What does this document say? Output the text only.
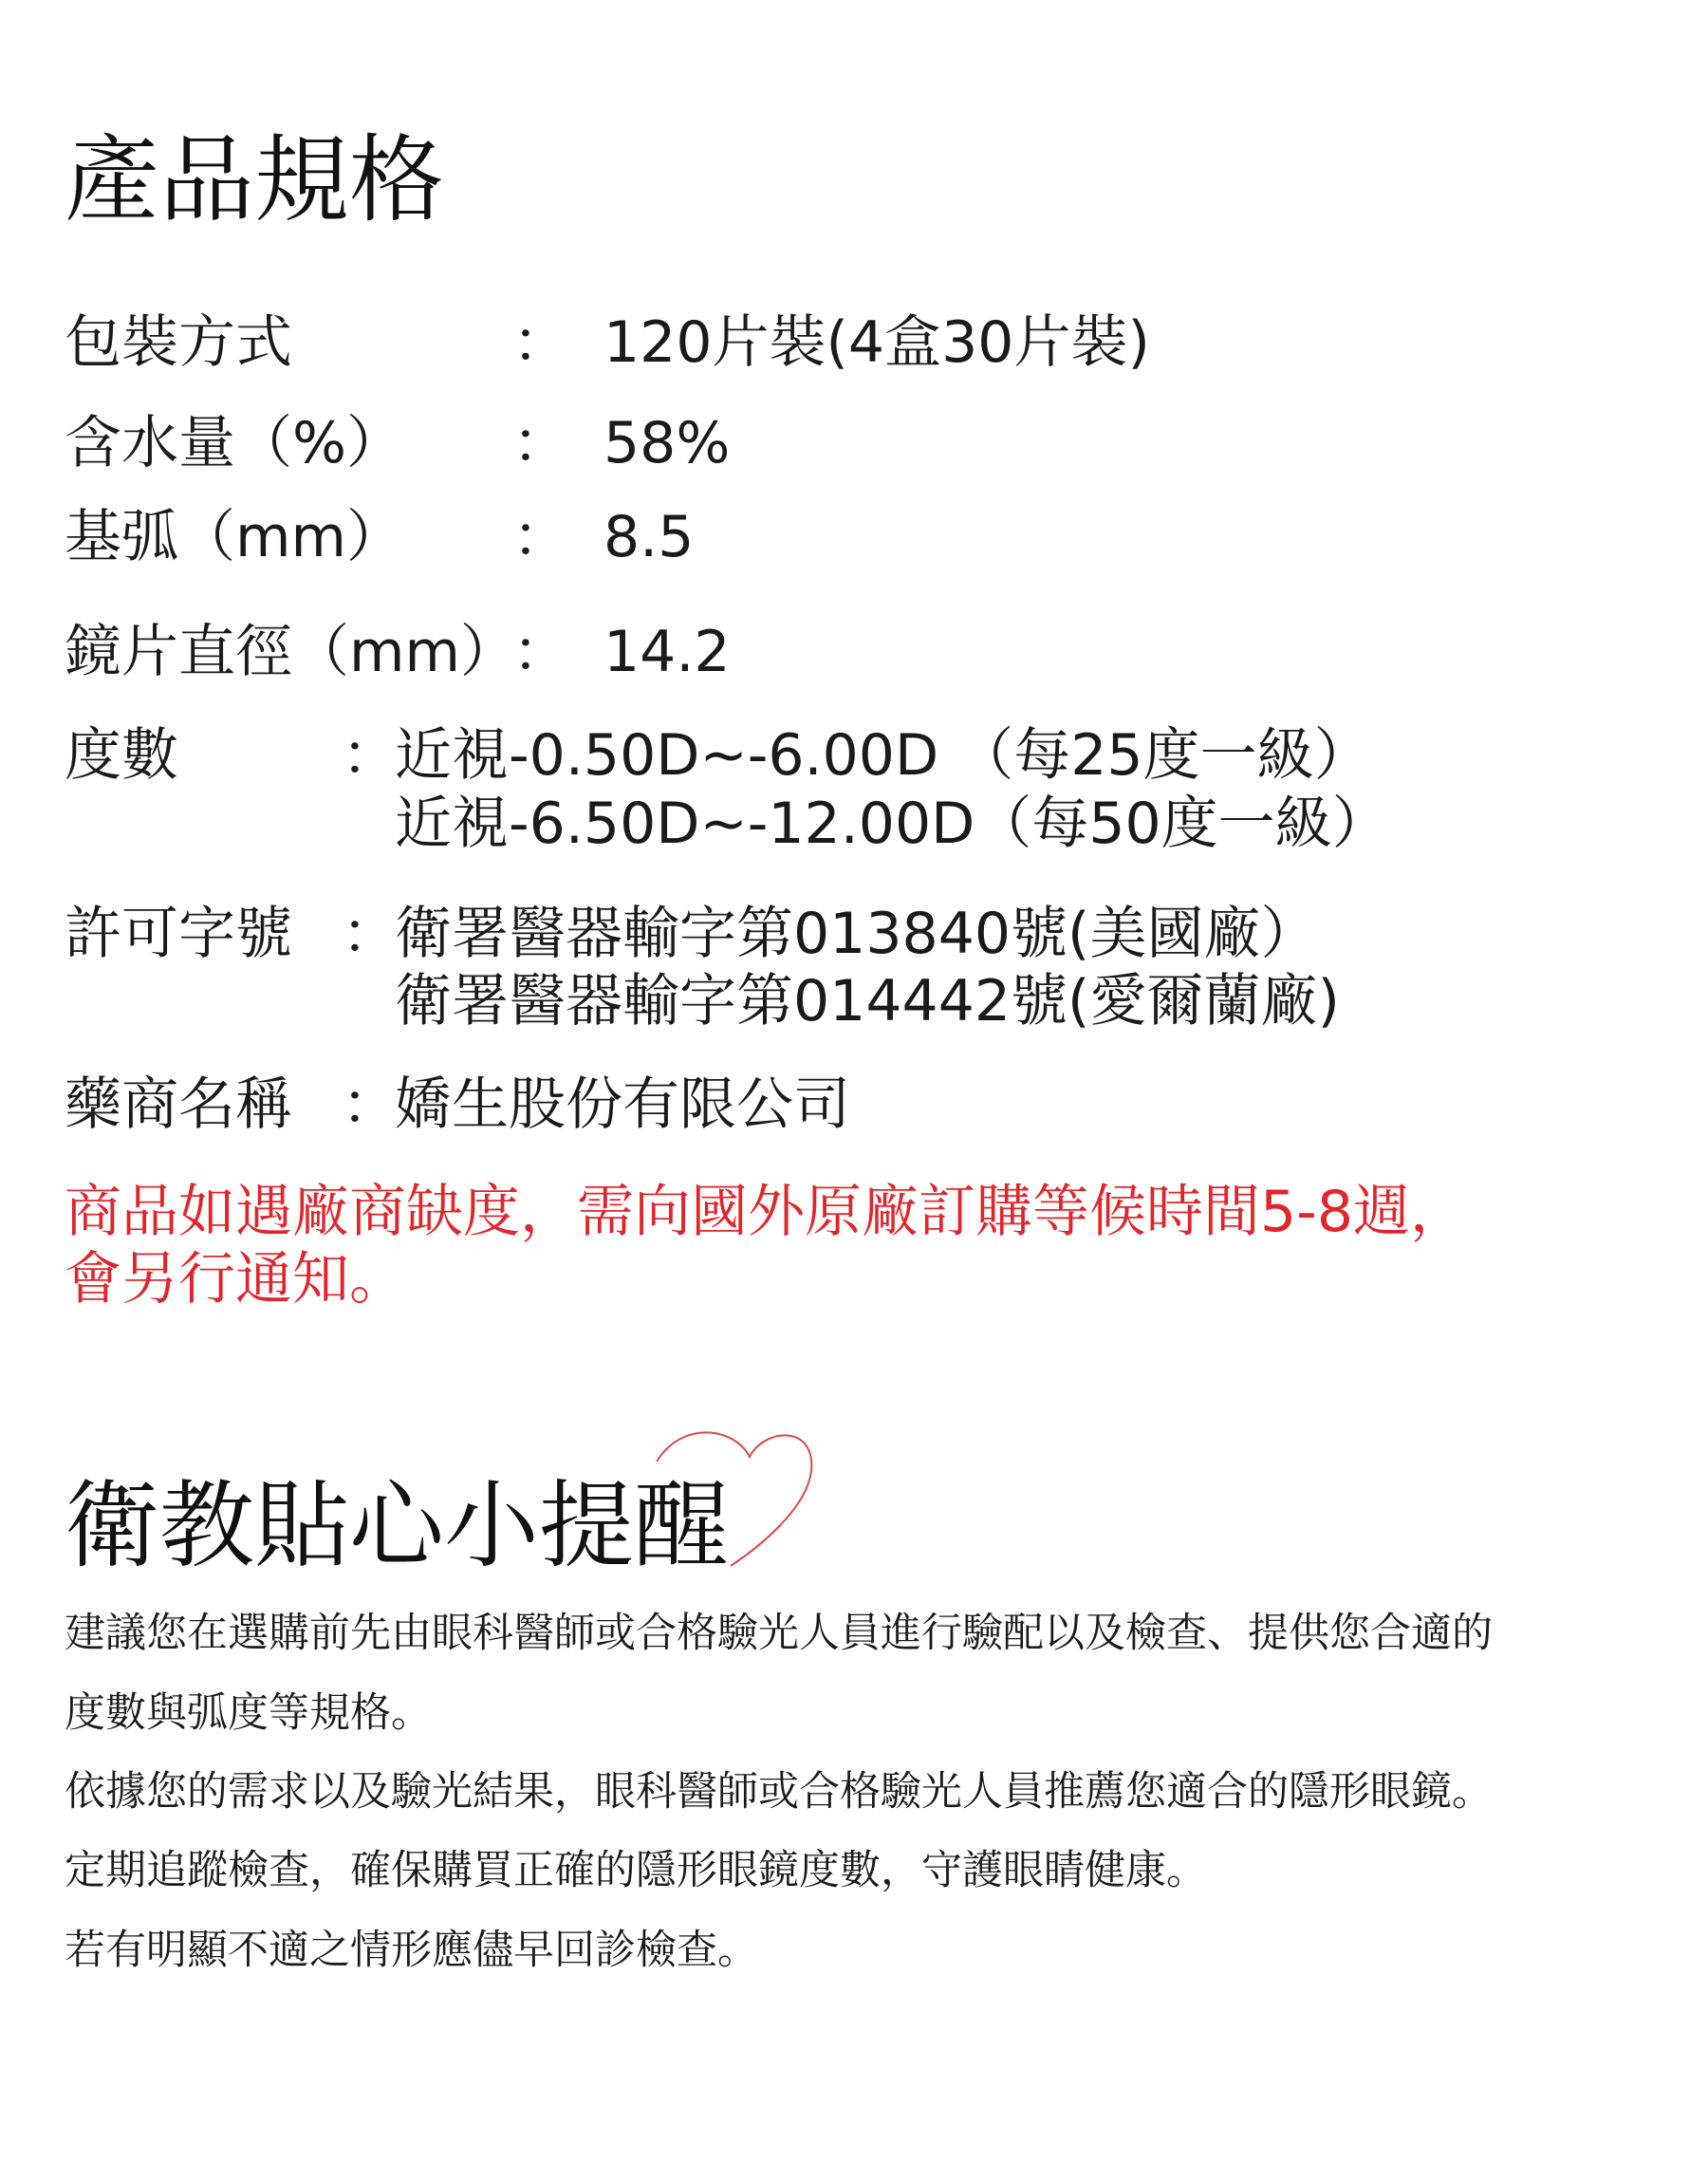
產品規格
包裝方式	： 120片裝(4盒30片裝)
含水量（%） ： 58%
基弧（mm） ： 8.5
鏡片直徑（mm）
： 14.2
度數	：
近視-0.50D~-6.00D （每25度一級）
近視-6.50D~-12.00D（每50度一級）
許可字號 ：
衛署醫器輸字第013840號(美國廠）
衛署醫器輸字第014442號(愛爾蘭廠)
藥商名稱 ：
嬌生股份有限公司
商品如遇廠商缺度，需向國外原廠訂購等候時間5-8週，
會另行通知。
衛教貼心小提醒
建議您在選購前先由眼科醫師或合格驗光人員進行驗配以及檢查、提供您合適的
度數與弧度等規格。
依據您的需求以及驗光結果，眼科醫師或合格驗光人員推薦您適合的隱形眼鏡。
定期追蹤檢查，確保購買正確的隱形眼鏡度數，守護眼睛健康。
若有明顯不適之情形應儘早回診檢查。
